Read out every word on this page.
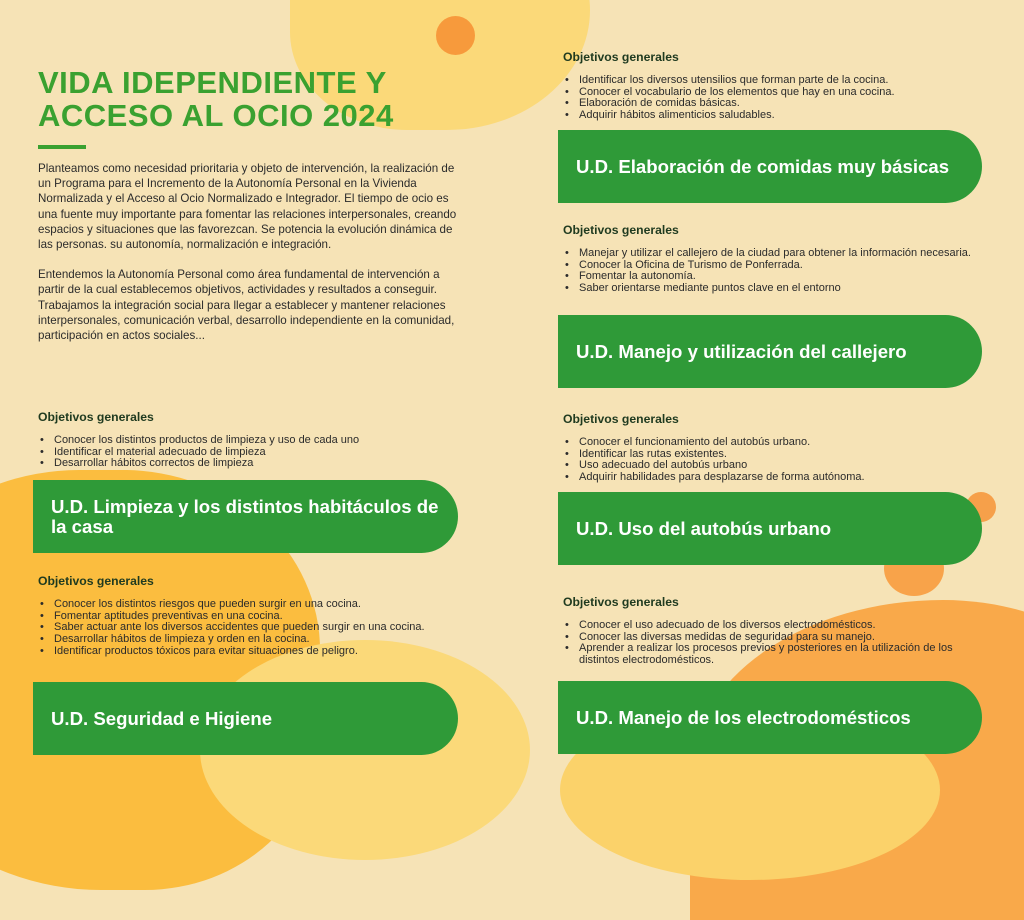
VIDA IDEPENDIENTE Y ACCESO AL OCIO 2024

Planteamos como necesidad prioritaria y objeto de intervención, la realización de un Programa para el Incremento de la Autonomía Personal en la Vivienda Normalizada y el Acceso al Ocio Normalizado e Integrador. El tiempo de ocio es una fuente muy importante para fomentar las relaciones interpersonales, creando espacios y situaciones que las favorezcan. Se potencia la evolución dinámica de las personas. su autonomía, normalización e integración.

Entendemos la Autonomía Personal como área fundamental de intervención a partir de la cual establecemos objetivos, actividades y resultados a conseguir. Trabajamos la integración social para llegar a establecer y mantener relaciones interpersonales, comunicación verbal, desarrollo independiente en la comunidad, participación en actos sociales...

Objetivos generales
• Conocer los distintos productos de limpieza y uso de cada uno
• Identificar el material adecuado de limpieza
• Desarrollar hábitos correctos de limpieza
U.D. Limpieza y los distintos habitáculos de la casa
Objetivos generales
• Conocer los distintos riesgos que pueden surgir en una cocina.
• Fomentar aptitudes preventivas en una cocina.
• Saber actuar ante los diversos accidentes que pueden surgir en una cocina.
• Desarrollar hábitos de limpieza y orden en la cocina.
• Identificar productos tóxicos para evitar situaciones de peligro.
U.D. Seguridad e Higiene
Objetivos generales
• Identificar los diversos utensilios que forman parte de la cocina.
• Conocer el vocabulario de los elementos que hay en una cocina.
• Elaboración de comidas básicas.
• Adquirir hábitos alimenticios saludables.
U.D. Elaboración de comidas muy básicas
Objetivos generales
• Manejar y utilizar el callejero de la ciudad para obtener la información necesaria.
• Conocer la Oficina de Turismo de Ponferrada.
• Fomentar la autonomía.
• Saber orientarse mediante puntos clave en el entorno
U.D. Manejo y utilización del callejero
Objetivos generales
• Conocer el funcionamiento del autobús urbano.
• Identificar las rutas existentes.
• Uso adecuado del autobús urbano
• Adquirir habilidades para desplazarse de forma autónoma.
U.D. Uso del autobús urbano
Objetivos generales
• Conocer el uso adecuado de los diversos electrodomésticos.
• Conocer las diversas medidas de seguridad para su manejo.
• Aprender a realizar los procesos previos y posteriores en la utilización de los distintos electrodomésticos.
U.D. Manejo de los electrodomésticos
